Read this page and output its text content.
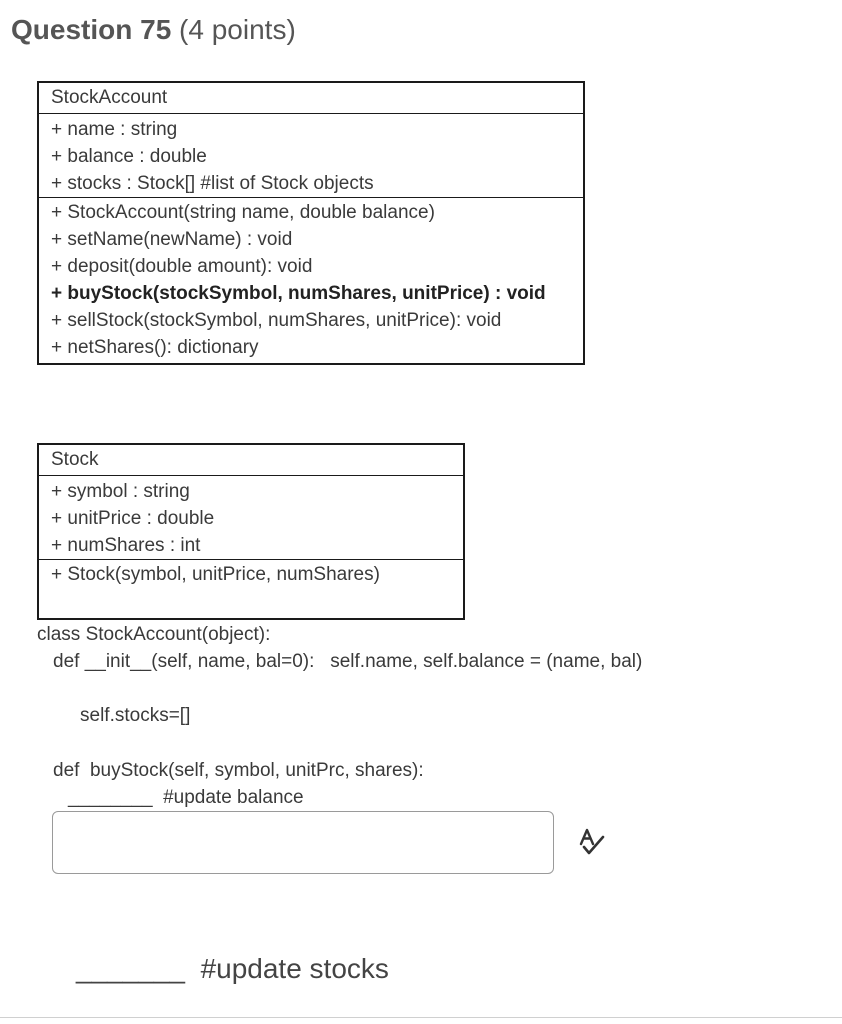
Question 75 (4 points)
StockAccount
+ name : string
+ balance : double
+ stocks : Stock[] #list of Stock objects
+ StockAccount(string name, double balance)
+ setName(newName) : void
+ deposit(double amount): void
+ buyStock(stockSymbol, numShares, unitPrice) : void
+ sellStock(stockSymbol, numShares, unitPrice): void
+ netShares(): dictionary
Stock
+ symbol : string
+ unitPrice : double
+ numShares : int
+ Stock(symbol, unitPrice, numShares)
class StockAccount(object):
def __init__(self, name, bal=0):   self.name, self.balance = (name, bal)
self.stocks=[]
def  buyStock(self, symbol, unitPrc, shares):
________  #update balance
_______  #update stocks
